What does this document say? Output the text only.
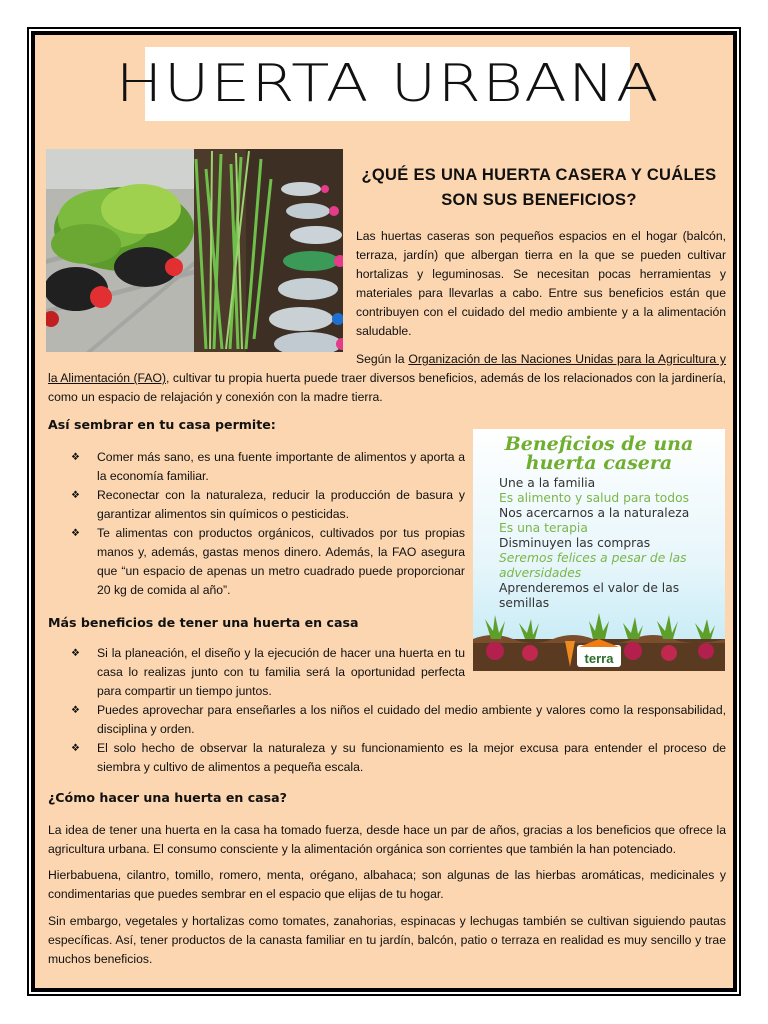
HUERTA URBANA
¿QUÉ ES UNA HUERTA CASERA Y CUÁLES SON SUS BENEFICIOS?
Las huertas caseras son pequeños espacios en el hogar (balcón, terraza, jardín) que albergan tierra en la que se pueden cultivar hortalizas y leguminosas. Se necesitan pocas herramientas y materiales para llevarlas a cabo. Entre sus beneficios están que contribuyen con el cuidado del medio ambiente y a la alimentación saludable.
Según la Organización de las Naciones Unidas para la Agricultura y la Alimentación (FAO), cultivar tu propia huerta puede traer diversos beneficios, además de los relacionados con la jardinería, como un espacio de relajación y conexión con la madre tierra.
Así sembrar en tu casa permite:
❖ Comer más sano, es una fuente importante de alimentos y aporta a la economía familiar.
❖ Reconectar con la naturaleza, reducir la producción de basura y garantizar alimentos sin químicos o pesticidas.
❖ Te alimentas con productos orgánicos, cultivados por tus propias manos y, además, gastas menos dinero. Además, la FAO asegura que “un espacio de apenas un metro cuadrado puede proporcionar 20 kg de comida al año”.
Beneficios de una
huerta casera
Une a la familia
Es alimento y salud para todos
Nos acercarnos a la naturaleza
Es una terapia
Disminuyen las compras
Seremos felices a pesar de las
adversidades
Aprenderemos el valor de las
semillas
terra
Más beneficios de tener una huerta en casa
❖ Si la planeación, el diseño y la ejecución de hacer una huerta en tu casa lo realizas junto con tu familia será la oportunidad perfecta para compartir un tiempo juntos.
❖ Puedes aprovechar para enseñarles a los niños el cuidado del medio ambiente y valores como la responsabilidad, disciplina y orden.
❖ El solo hecho de observar la naturaleza y su funcionamiento es la mejor excusa para entender el proceso de siembra y cultivo de alimentos a pequeña escala.
¿Cómo hacer una huerta en casa?
La idea de tener una huerta en la casa ha tomado fuerza, desde hace un par de años, gracias a los beneficios que ofrece la agricultura urbana. El consumo consciente y la alimentación orgánica son corrientes que también la han potenciado.
Hierbabuena, cilantro, tomillo, romero, menta, orégano, albahaca; son algunas de las hierbas aromáticas, medicinales y condimentarias que puedes sembrar en el espacio que elijas de tu hogar.
Sin embargo, vegetales y hortalizas como tomates, zanahorias, espinacas y lechugas también se cultivan siguiendo pautas específicas. Así, tener productos de la canasta familiar en tu jardín, balcón, patio o terraza en realidad es muy sencillo y trae muchos beneficios.
